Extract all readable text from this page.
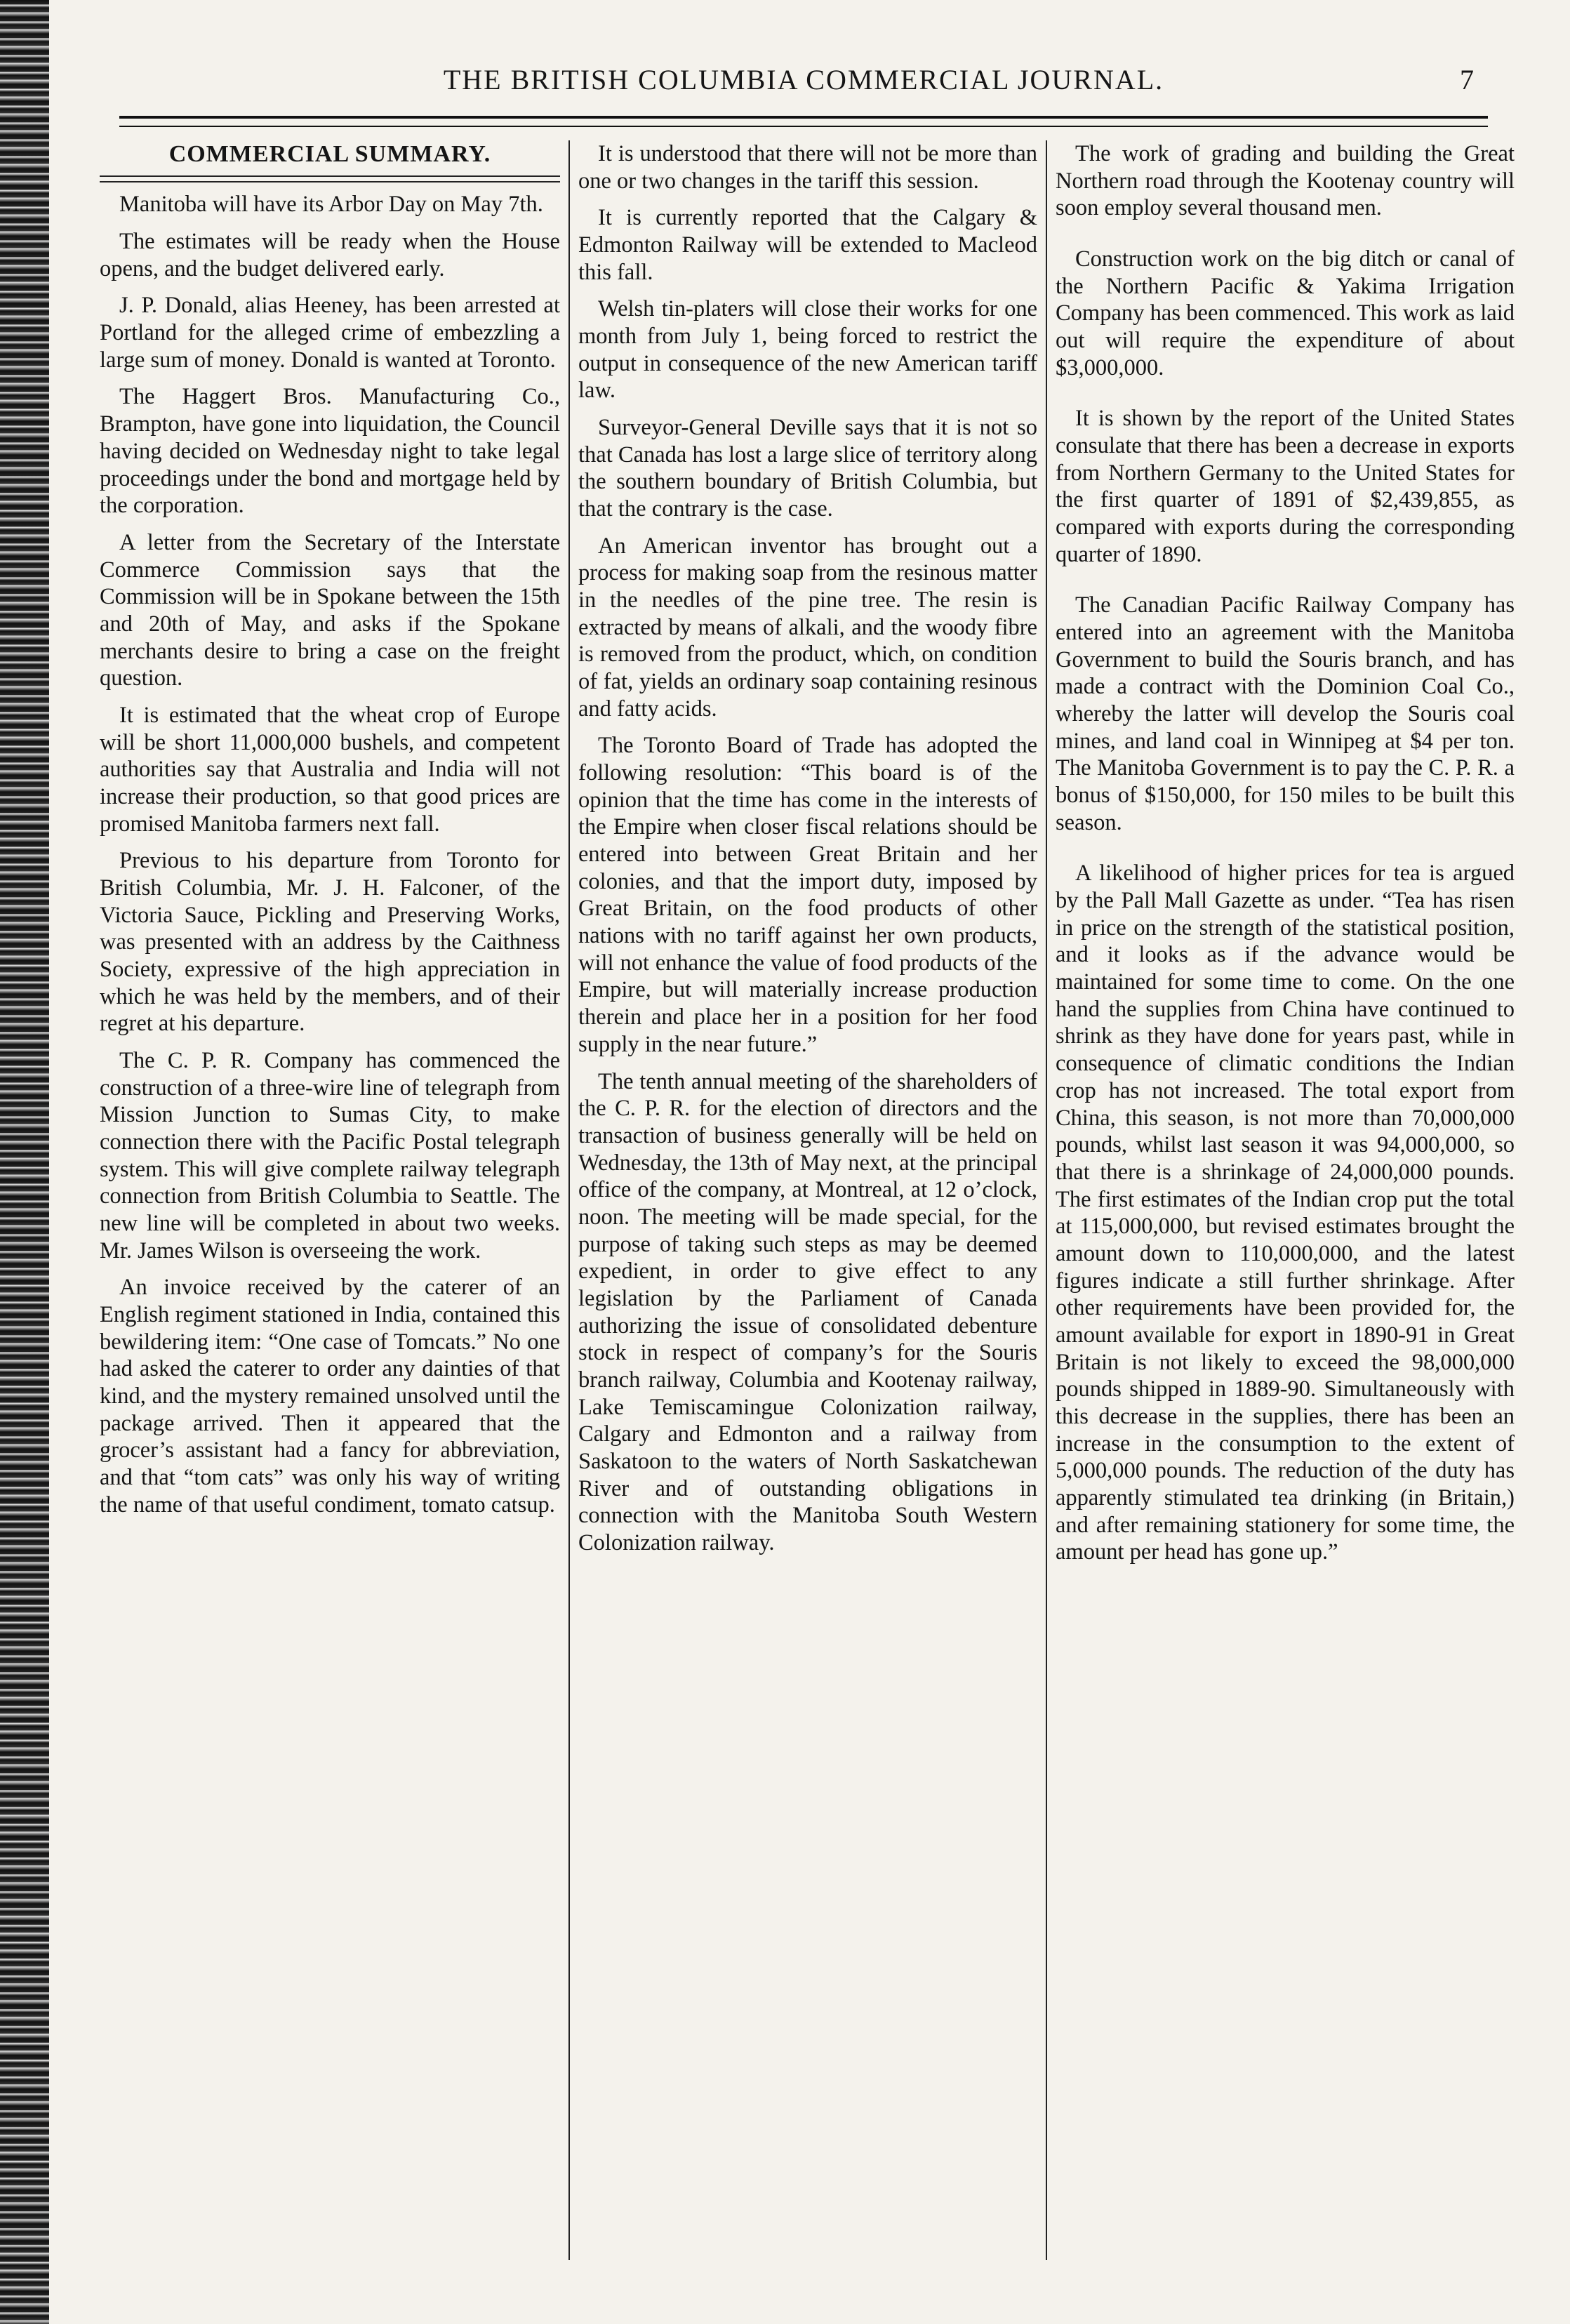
THE BRITISH COLUMBIA COMMERCIAL JOURNAL.	7
COMMERCIAL SUMMARY.

Manitoba will have its Arbor Day on May 7th.

The estimates will be ready when the House opens, and the budget delivered early.

J. P. Donald, alias Heeney, has been arrested at Portland for the alleged crime of embezzling a large sum of money. Donald is wanted at Toronto.

The Haggert Bros. Manufacturing Co., Brampton, have gone into liquidation, the Council having decided on Wednesday night to take legal proceedings under the bond and mortgage held by the corporation.

A letter from the Secretary of the Interstate Commerce Commission says that the Commission will be in Spokane between the 15th and 20th of May, and asks if the Spokane merchants desire to bring a case on the freight question.

It is estimated that the wheat crop of Europe will be short 11,000,000 bushels, and competent authorities say that Australia and India will not increase their production, so that good prices are promised Manitoba farmers next fall.

Previous to his departure from Toronto for British Columbia, Mr. J. H. Falconer, of the Victoria Sauce, Pickling and Preserving Works, was presented with an address by the Caithness Society, expressive of the high appreciation in which he was held by the members, and of their regret at his departure.

The C. P. R. Company has commenced the construction of a three-wire line of telegraph from Mission Junction to Sumas City, to make connection there with the Pacific Postal telegraph system. This will give complete railway telegraph connection from British Columbia to Seattle. The new line will be completed in about two weeks. Mr. James Wilson is overseeing the work.

An invoice received by the caterer of an English regiment stationed in India, contained this bewildering item: “One case of Tomcats.” No one had asked the caterer to order any dainties of that kind, and the mystery remained unsolved until the package arrived. Then it appeared that the grocer’s assistant had a fancy for abbreviation, and that “tom cats” was only his way of writing the name of that useful condiment, tomato catsup.

It is understood that there will not be more than one or two changes in the tariff this session.

It is currently reported that the Calgary & Edmonton Railway will be extended to Macleod this fall.

Welsh tin-platers will close their works for one month from July 1, being forced to restrict the output in consequence of the new American tariff law.

Surveyor-General Deville says that it is not so that Canada has lost a large slice of territory along the southern boundary of British Columbia, but that the contrary is the case.

An American inventor has brought out a process for making soap from the resinous matter in the needles of the pine tree. The resin is extracted by means of alkali, and the woody fibre is removed from the product, which, on condition of fat, yields an ordinary soap containing resinous and fatty acids.

The Toronto Board of Trade has adopted the following resolution: “This board is of the opinion that the time has come in the interests of the Empire when closer fiscal relations should be entered into between Great Britain and her colonies, and that the import duty, imposed by Great Britain, on the food products of other nations with no tariff against her own products, will not enhance the value of food products of the Empire, but will materially increase production therein and place her in a position for her food supply in the near future.”

The tenth annual meeting of the shareholders of the C. P. R. for the election of directors and the transaction of business generally will be held on Wednesday, the 13th of May next, at the principal office of the company, at Montreal, at 12 o’clock, noon. The meeting will be made special, for the purpose of taking such steps as may be deemed expedient, in order to give effect to any legislation by the Parliament of Canada authorizing the issue of consolidated debenture stock in respect of company’s for the Souris branch railway, Columbia and Kootenay railway, Lake Temiscamingue Colonization railway, Calgary and Edmonton and a railway from Saskatoon to the waters of North Saskatchewan River and of outstanding obligations in connection with the Manitoba South Western Colonization railway.

The work of grading and building the Great Northern road through the Kootenay country will soon employ several thousand men.

Construction work on the big ditch or canal of the Northern Pacific & Yakima Irrigation Company has been commenced. This work as laid out will require the expenditure of about $3,000,000.

It is shown by the report of the United States consulate that there has been a decrease in exports from Northern Germany to the United States for the first quarter of 1891 of $2,439,855, as compared with exports during the corresponding quarter of 1890.

The Canadian Pacific Railway Company has entered into an agreement with the Manitoba Government to build the Souris branch, and has made a contract with the Dominion Coal Co., whereby the latter will develop the Souris coal mines, and land coal in Winnipeg at $4 per ton. The Manitoba Government is to pay the C. P. R. a bonus of $150,000, for 150 miles to be built this season.

A likelihood of higher prices for tea is argued by the Pall Mall Gazette as under. “Tea has risen in price on the strength of the statistical position, and it looks as if the advance would be maintained for some time to come. On the one hand the supplies from China have continued to shrink as they have done for years past, while in consequence of climatic conditions the Indian crop has not increased. The total export from China, this season, is not more than 70,000,000 pounds, whilst last season it was 94,000,000, so that there is a shrinkage of 24,000,000 pounds. The first estimates of the Indian crop put the total at 115,000,000, but revised estimates brought the amount down to 110,000,000, and the latest figures indicate a still further shrinkage. After other requirements have been provided for, the amount available for export in 1890-91 in Great Britain is not likely to exceed the 98,000,000 pounds shipped in 1889-90. Simultaneously with this decrease in the supplies, there has been an increase in the consumption to the extent of 5,000,000 pounds. The reduction of the duty has apparently stimulated tea drinking (in Britain,) and after remaining stationery for some time, the amount per head has gone up.”
